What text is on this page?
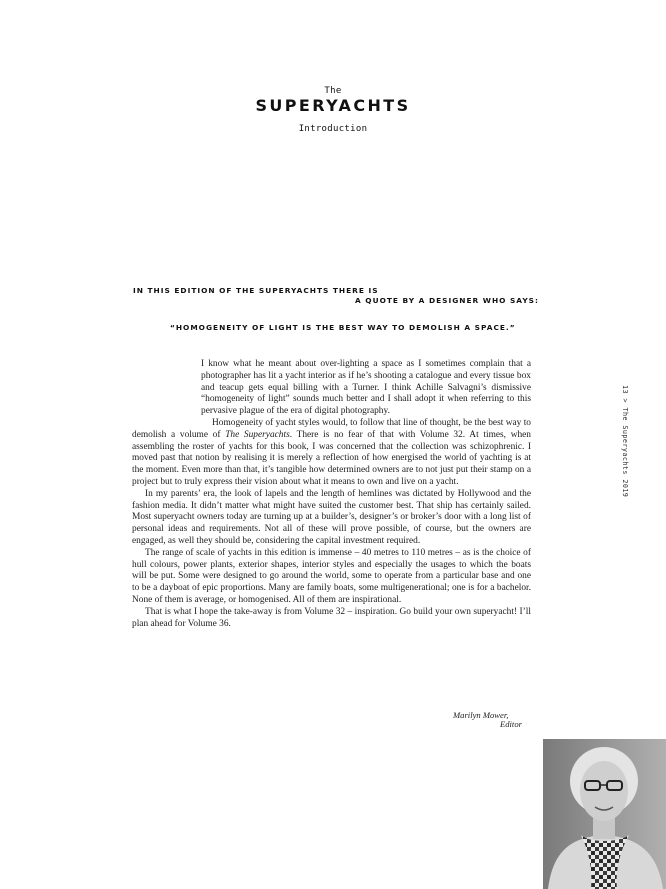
The
SUPERYACHTS
Introduction
IN THIS EDITION OF THE SUPERYACHTS THERE IS
A QUOTE BY A DESIGNER WHO SAYS:
“HOMOGENEITY OF LIGHT IS THE BEST WAY TO DEMOLISH A SPACE.”

I know what he meant about over-lighting a space as I sometimes complain that a photographer has lit a yacht interior as if he’s shooting a catalogue and every tissue box and teacup gets equal billing with a Turner. I think Achille Salvagni’s dismissive “homogeneity of light” sounds much better and I shall adopt it when referring to this pervasive plague of the era of digital photography.

Homogeneity of yacht styles would, to follow that line of thought, be the best way to demolish a volume of The Superyachts. There is no fear of that with Volume 32. At times, when assembling the roster of yachts for this book, I was concerned that the collection was schizophrenic. I moved past that notion by realising it is merely a reflection of how energised the world of yachting is at the moment. Even more than that, it’s tangible how determined owners are to not just put their stamp on a project but to truly express their vision about what it means to own and live on a yacht.

In my parents’ era, the look of lapels and the length of hemlines was dictated by Hollywood and the fashion media. It didn’t matter what might have suited the customer best. That ship has certainly sailed. Most superyacht owners today are turning up at a builder’s, designer’s or broker’s door with a long list of personal ideas and requirements. Not all of these will prove possible, of course, but the owners are engaged, as well they should be, considering the capital investment required.

The range of scale of yachts in this edition is immense – 40 metres to 110 metres – as is the choice of hull colours, power plants, exterior shapes, interior styles and especially the usages to which the boats will be put. Some were designed to go around the world, some to operate from a particular base and one to be a dayboat of epic proportions. Many are family boats, some multigenerational; one is for a bachelor. None of them is average, or homogenised. All of them are inspirational.

That is what I hope the take-away is from Volume 32 – inspiration. Go build your own superyacht! I’ll plan ahead for Volume 36.

Marilyn Mower,
Editor
13 > The Superyachts 2019
